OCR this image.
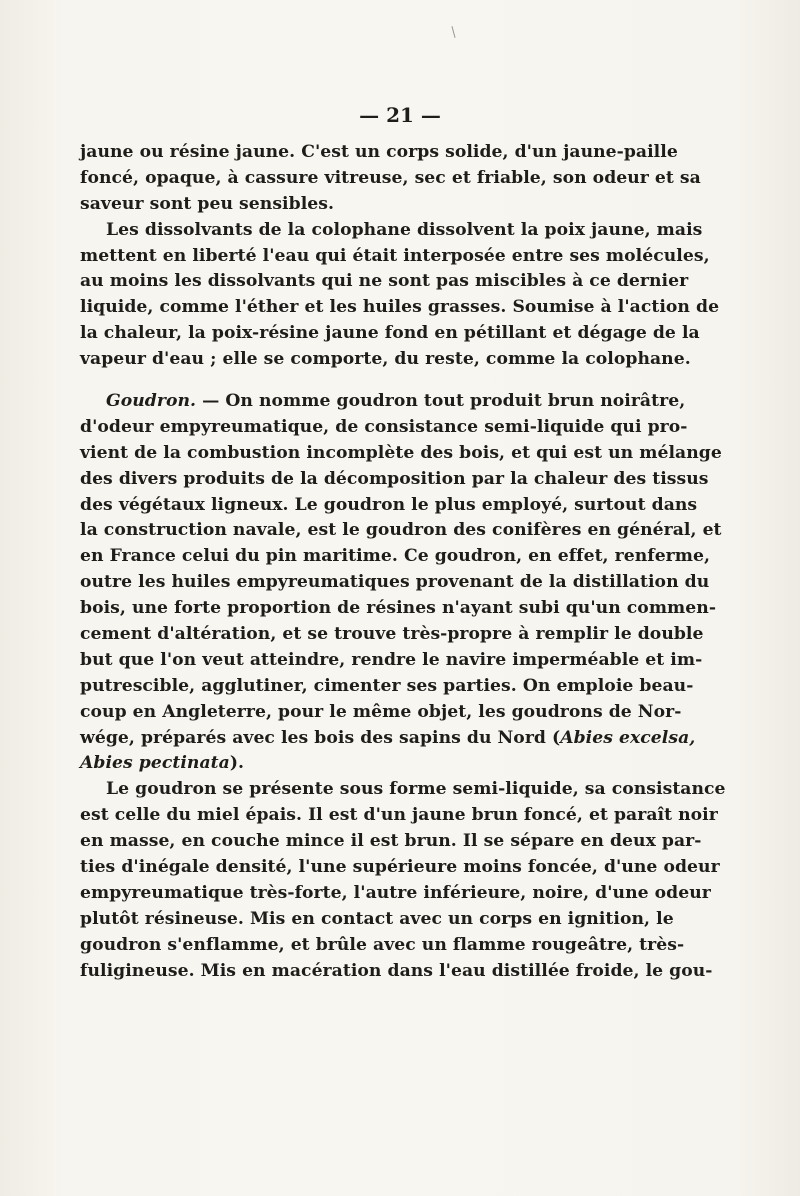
— 21 —
jaune ou résine jaune. C'est un corps solide, d'un jaune-paille
foncé, opaque, à cassure vitreuse, sec et friable, son odeur et sa
saveur sont peu sensibles.
Les dissolvants de la colophane dissolvent la poix jaune, mais
mettent en liberté l'eau qui était interposée entre ses molécules,
au moins les dissolvants qui ne sont pas miscibles à ce dernier
liquide, comme l'éther et les huiles grasses. Soumise à l'action de
la chaleur, la poix-résine jaune fond en pétillant et dégage de la
vapeur d'eau ; elle se comporte, du reste, comme la colophane.
Goudron. — On nomme goudron tout produit brun noirâtre,
d'odeur empyreumatique, de consistance semi-liquide qui pro-
vient de la combustion incomplète des bois, et qui est un mélange
des divers produits de la décomposition par la chaleur des tissus
des végétaux ligneux. Le goudron le plus employé, surtout dans
la construction navale, est le goudron des conifères en général, et
en France celui du pin maritime. Ce goudron, en effet, renferme,
outre les huiles empyreumatiques provenant de la distillation du
bois, une forte proportion de résines n'ayant subi qu'un commen-
cement d'altération, et se trouve très-propre à remplir le double
but que l'on veut atteindre, rendre le navire imperméable et im-
putrescible, agglutiner, cimenter ses parties. On emploie beau-
coup en Angleterre, pour le même objet, les goudrons de Nor-
wége, préparés avec les bois des sapins du Nord (Abies excelsa,
Abies pectinata).
Le goudron se présente sous forme semi-liquide, sa consistance
est celle du miel épais. Il est d'un jaune brun foncé, et paraît noir
en masse, en couche mince il est brun. Il se sépare en deux par-
ties d'inégale densité, l'une supérieure moins foncée, d'une odeur
empyreumatique très-forte, l'autre inférieure, noire, d'une odeur
plutôt résineuse. Mis en contact avec un corps en ignition, le
goudron s'enflamme, et brûle avec un flamme rougeâtre, très-
fuligineuse. Mis en macération dans l'eau distillée froide, le gou-
